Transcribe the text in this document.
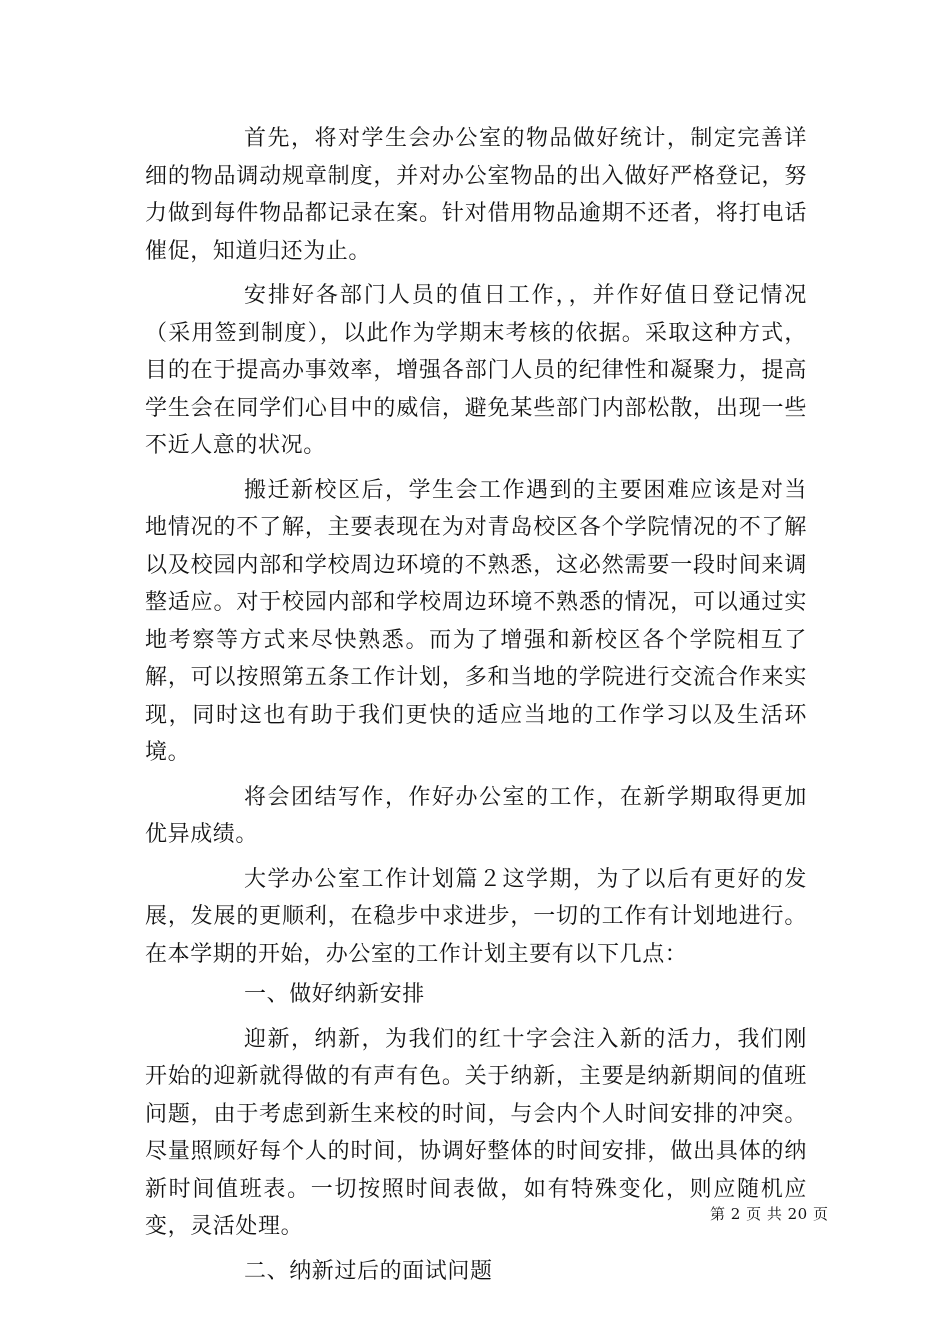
首先，将对学生会办公室的物品做好统计，制定完善详细的物品调动规章制度，并对办公室物品的出入做好严格登记，努力做到每件物品都记录在案。针对借用物品逾期不还者，将打电话催促，知道归还为止。

安排好各部门人员的值日工作，，并作好值日登记情况（采用签到制度），以此作为学期末考核的依据。采取这种方式，目的在于提高办事效率，增强各部门人员的纪律性和凝聚力，提高学生会在同学们心目中的威信，避免某些部门内部松散，出现一些不近人意的状况。

搬迁新校区后，学生会工作遇到的主要困难应该是对当地情况的不了解，主要表现在为对青岛校区各个学院情况的不了解以及校园内部和学校周边环境的不熟悉，这必然需要一段时间来调整适应。对于校园内部和学校周边环境不熟悉的情况，可以通过实地考察等方式来尽快熟悉。而为了增强和新校区各个学院相互了解，可以按照第五条工作计划，多和当地的学院进行交流合作来实现，同时这也有助于我们更快的适应当地的工作学习以及生活环境。

将会团结写作，作好办公室的工作，在新学期取得更加优异成绩。

大学办公室工作计划篇２这学期，为了以后有更好的发展，发展的更顺利，在稳步中求进步，一切的工作有计划地进行。在本学期的开始，办公室的工作计划主要有以下几点：

一、做好纳新安排

迎新，纳新，为我们的红十字会注入新的活力，我们刚开始的迎新就得做的有声有色。关于纳新，主要是纳新期间的值班问题，由于考虑到新生来校的时间，与会内个人时间安排的冲突。尽量照顾好每个人的时间，协调好整体的时间安排，做出具体的纳新时间值班表。一切按照时间表做，如有特殊变化，则应随机应变，灵活处理。

二、纳新过后的面试问题

第 2 页 共 20 页
